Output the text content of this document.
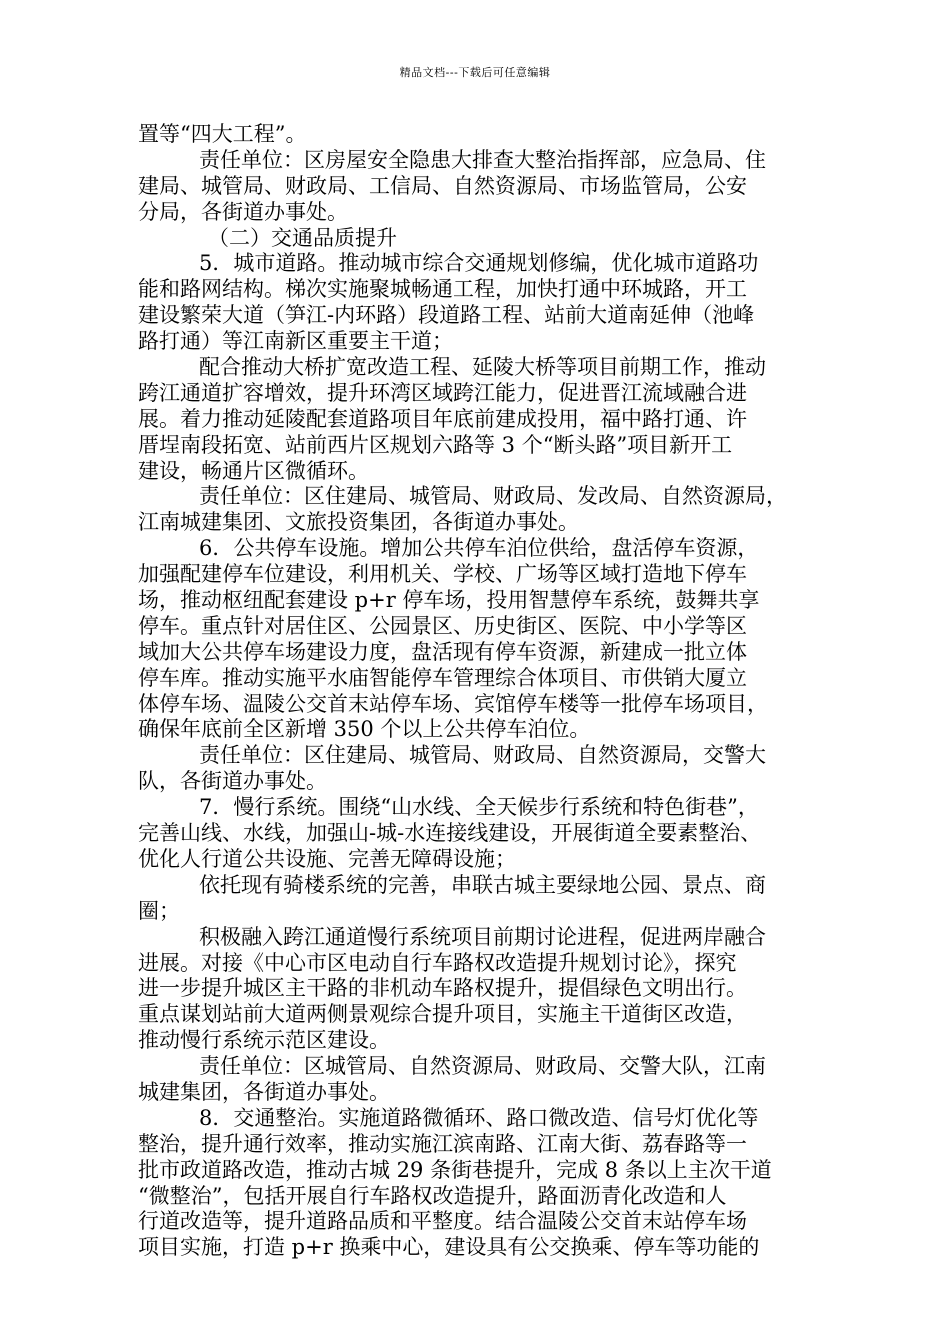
精品文档---下载后可任意编辑
置等“四大工程”。
责任单位：区房屋安全隐患大排查大整治指挥部，应急局、住
建局、城管局、财政局、工信局、自然资源局、市场监管局，公安
分局，各街道办事处。
（二）交通品质提升
5．城市道路。推动城市综合交通规划修编，优化城市道路功
能和路网结构。梯次实施聚城畅通工程，加快打通中环城路，开工
建设繁荣大道（笋江-内环路）段道路工程、站前大道南延伸（池峰
路打通）等江南新区重要主干道；
配合推动大桥扩宽改造工程、延陵大桥等项目前期工作，推动
跨江通道扩容增效，提升环湾区域跨江能力，促进晋江流域融合进
展。着力推动延陵配套道路项目年底前建成投用，福中路打通、许
厝埕南段拓宽、站前西片区规划六路等 3 个“断头路”项目新开工
建设，畅通片区微循环。
责任单位：区住建局、城管局、财政局、发改局、自然资源局，
江南城建集团、文旅投资集团，各街道办事处。
6．公共停车设施。增加公共停车泊位供给，盘活停车资源，
加强配建停车位建设，利用机关、学校、广场等区域打造地下停车
场，推动枢纽配套建设 p+r 停车场，投用智慧停车系统，鼓舞共享
停车。重点针对居住区、公园景区、历史街区、医院、中小学等区
域加大公共停车场建设力度，盘活现有停车资源，新建成一批立体
停车库。推动实施平水庙智能停车管理综合体项目、市供销大厦立
体停车场、温陵公交首末站停车场、宾馆停车楼等一批停车场项目，
确保年底前全区新增 350 个以上公共停车泊位。
责任单位：区住建局、城管局、财政局、自然资源局，交警大
队，各街道办事处。
7．慢行系统。围绕“山水线、全天候步行系统和特色街巷”，
完善山线、水线，加强山-城-水连接线建设，开展街道全要素整治、
优化人行道公共设施、完善无障碍设施；
依托现有骑楼系统的完善，串联古城主要绿地公园、景点、商
圈；
积极融入跨江通道慢行系统项目前期讨论进程，促进两岸融合
进展。对接《中心市区电动自行车路权改造提升规划讨论》，探究
进一步提升城区主干路的非机动车路权提升，提倡绿色文明出行。
重点谋划站前大道两侧景观综合提升项目，实施主干道街区改造，
推动慢行系统示范区建设。
责任单位：区城管局、自然资源局、财政局、交警大队，江南
城建集团，各街道办事处。
8．交通整治。实施道路微循环、路口微改造、信号灯优化等
整治，提升通行效率，推动实施江滨南路、江南大街、荔春路等一
批市政道路改造，推动古城 29 条街巷提升，完成 8 条以上主次干道
“微整治”，包括开展自行车路权改造提升，路面沥青化改造和人
行道改造等，提升道路品质和平整度。结合温陵公交首末站停车场
项目实施，打造 p+r 换乘中心，建设具有公交换乘、停车等功能的
